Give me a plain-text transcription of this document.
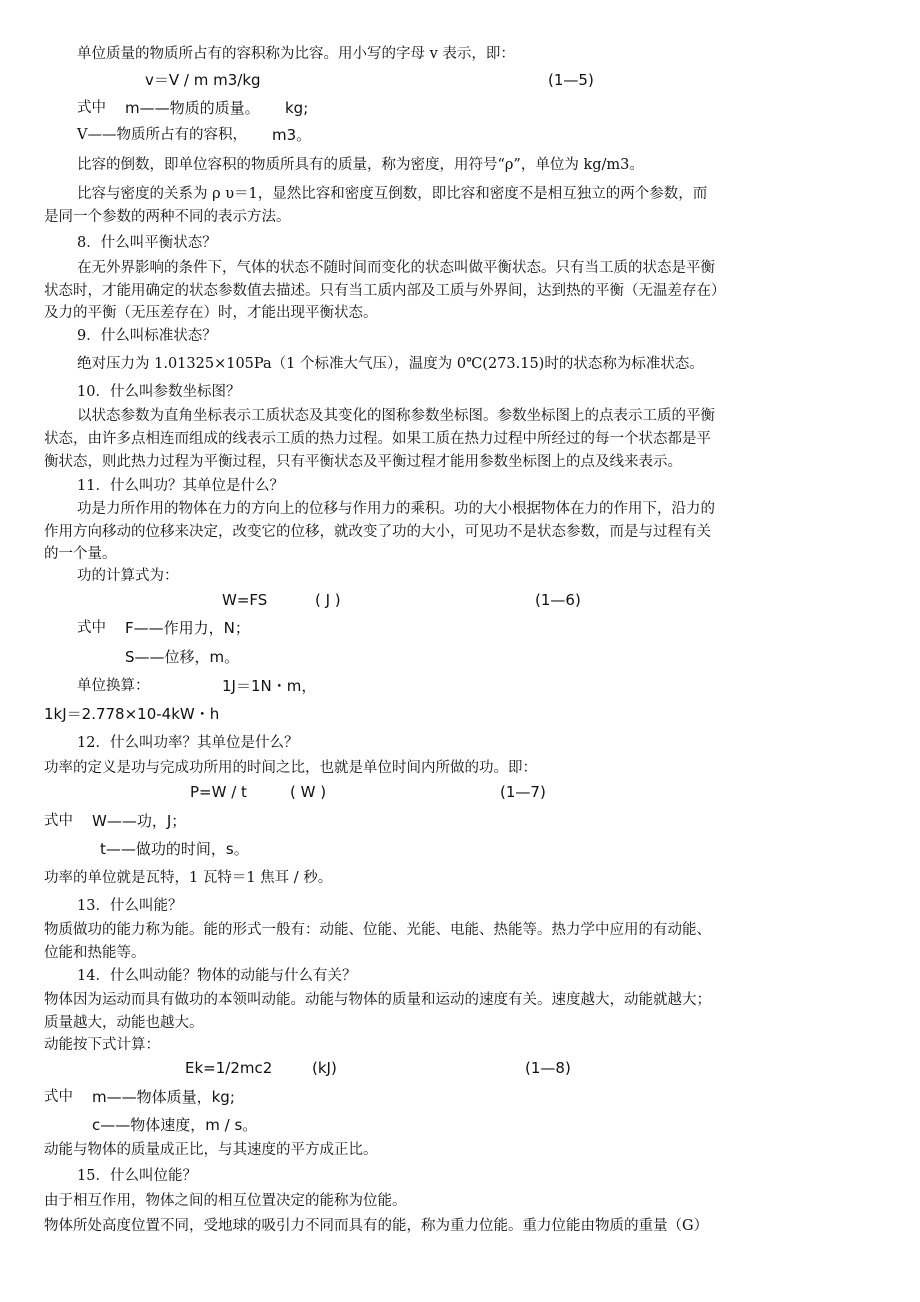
单位质量的物质所占有的容积称为比容。用小写的字母 v 表示，即：
v＝V / m m3/kg	(1—5)
式中 m——物质的质量。 kg;
V——物质所占有的容积， m3。
比容的倒数，即单位容积的物质所具有的质量，称为密度，用符号“ρ”，单位为 kg/m3。
比容与密度的关系为 ρ υ＝1，显然比容和密度互倒数，即比容和密度不是相互独立的两个参数，而
是同一个参数的两种不同的表示方法。
8．什么叫平衡状态？
在无外界影响的条件下，气体的状态不随时间而变化的状态叫做平衡状态。只有当工质的状态是平衡
状态时，才能用确定的状态参数值去描述。只有当工质内部及工质与外界间，达到热的平衡（无温差存在）
及力的平衡（无压差存在）时，才能出现平衡状态。
9．什么叫标准状态？
绝对压力为 1.01325×105Pa（1 个标准大气压），温度为 0℃(273.15)时的状态称为标准状态。
10．什么叫参数坐标图？
以状态参数为直角坐标表示工质状态及其变化的图称参数坐标图。参数坐标图上的点表示工质的平衡
状态，由许多点相连而组成的线表示工质的热力过程。如果工质在热力过程中所经过的每一个状态都是平
衡状态，则此热力过程为平衡过程，只有平衡状态及平衡过程才能用参数坐标图上的点及线来表示。
11．什么叫功？其单位是什么？
功是力所作用的物体在力的方向上的位移与作用力的乘积。功的大小根据物体在力的作用下，沿力的
作用方向移动的位移来决定，改变它的位移，就改变了功的大小，可见功不是状态参数，而是与过程有关
的一个量。
功的计算式为：
W=FS	( J )	(1—6)
式中 F——作用力，N；
S——位移，m。
单位换算：	1J＝1N・m，
1kJ＝2.778×10-4kW・h
12．什么叫功率？其单位是什么？
功率的定义是功与完成功所用的时间之比，也就是单位时间内所做的功。即：
P=W / t	( W )	(1—7)
式中 W——功，J；
t——做功的时间，s。
功率的单位就是瓦特，1 瓦特＝1 焦耳 / 秒。
13．什么叫能？
物质做功的能力称为能。能的形式一般有：动能、位能、光能、电能、热能等。热力学中应用的有动能、
位能和热能等。
14．什么叫动能？物体的动能与什么有关？
物体因为运动而具有做功的本领叫动能。动能与物体的质量和运动的速度有关。速度越大，动能就越大；
质量越大，动能也越大。
动能按下式计算：
Ek=1/2mc2	(kJ)	(1—8)
式中 m——物体质量，kg;
c——物体速度，m / s。
动能与物体的质量成正比，与其速度的平方成正比。
15．什么叫位能？
由于相互作用，物体之间的相互位置决定的能称为位能。
物体所处高度位置不同，受地球的吸引力不同而具有的能，称为重力位能。重力位能由物质的重量（G）
